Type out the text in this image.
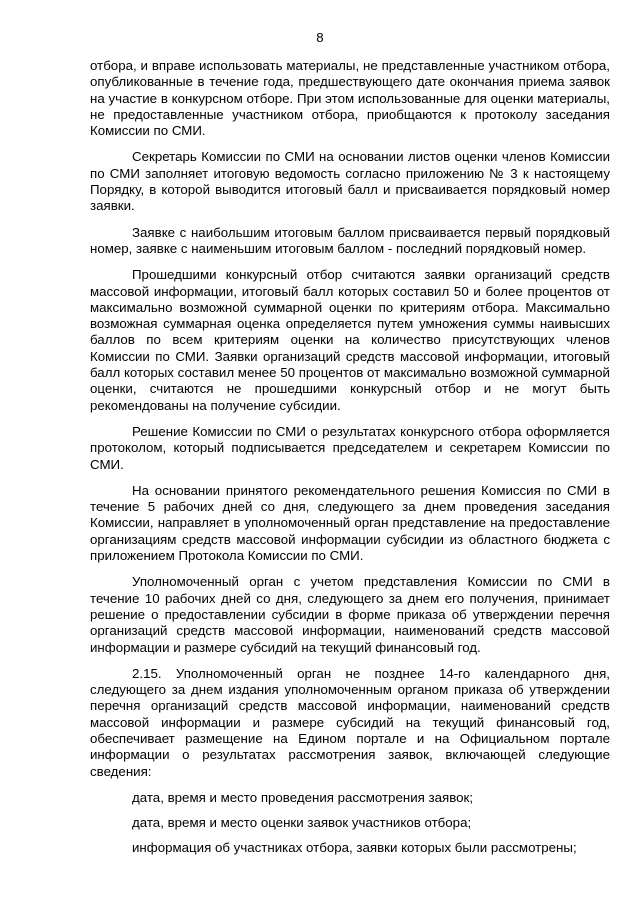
8

отбора, и вправе использовать материалы, не представленные участником отбора, опубликованные в течение года, предшествующего дате окончания приема заявок на участие в конкурсном отборе. При этом использованные для оценки материалы, не предоставленные участником отбора, приобщаются к протоколу заседания Комиссии по СМИ.

Секретарь Комиссии по СМИ на основании листов оценки членов Комиссии по СМИ заполняет итоговую ведомость согласно приложению № 3 к настоящему Порядку, в которой выводится итоговый балл и присваивается порядковый номер заявки.

Заявке с наибольшим итоговым баллом присваивается первый порядковый номер, заявке с наименьшим итоговым баллом - последний порядковый номер.

Прошедшими конкурсный отбор считаются заявки организаций средств массовой информации, итоговый балл которых составил 50 и более процентов от максимально возможной суммарной оценки по критериям отбора. Максимально возможная суммарная оценка определяется путем умножения суммы наивысших баллов по всем критериям оценки на количество присутствующих членов Комиссии по СМИ. Заявки организаций средств массовой информации, итоговый балл которых составил менее 50 процентов от максимально возможной суммарной оценки, считаются не прошедшими конкурсный отбор и не могут быть рекомендованы на получение субсидии.

Решение Комиссии по СМИ о результатах конкурсного отбора оформляется протоколом, который подписывается председателем и секретарем Комиссии по СМИ.

На основании принятого рекомендательного решения Комиссия по СМИ в течение 5 рабочих дней со дня, следующего за днем проведения заседания Комиссии, направляет в уполномоченный орган представление на предоставление организациям средств массовой информации субсидии из областного бюджета с приложением Протокола Комиссии по СМИ.

Уполномоченный орган с учетом представления Комиссии по СМИ в течение 10 рабочих дней со дня, следующего за днем его получения, принимает решение о предоставлении субсидии в форме приказа об утверждении перечня организаций средств массовой информации, наименований средств массовой информации и размере субсидий на текущий финансовый год.

2.15. Уполномоченный орган не позднее 14-го календарного дня, следующего за днем издания уполномоченным органом приказа об утверждении перечня организаций средств массовой информации, наименований средств массовой информации и размере субсидий на текущий финансовый год, обеспечивает размещение на Едином портале и на Официальном портале информации о результатах рассмотрения заявок, включающей следующие сведения:

дата, время и место проведения рассмотрения заявок;

дата, время и место оценки заявок участников отбора;

информация об участниках отбора, заявки которых были рассмотрены;
